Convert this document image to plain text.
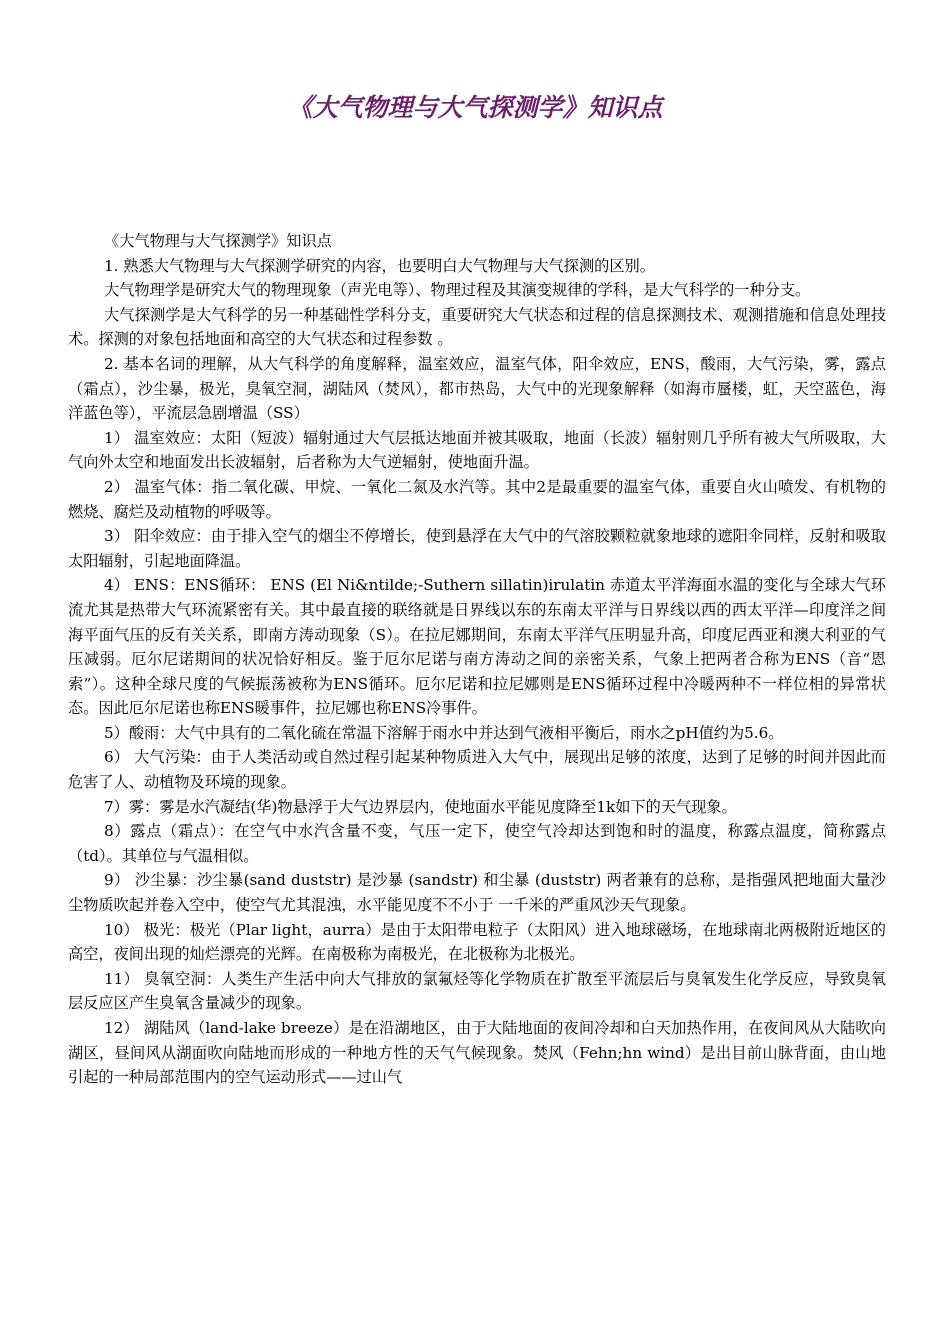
《大气物理与大气探测学》知识点

《大气物理与大气探测学》知识点

1. 熟悉大气物理与大气探测学研究的内容，也要明白大气物理与大气探测的区别。

大气物理学是研究大气的物理现象（声光电等）、物理过程及其演变规律的学科，是大气科学的一种分支。

大气探测学是大气科学的另一种基础性学科分支，重要研究大气状态和过程的信息探测技术、观测措施和信息处理技术。探测的对象包括地面和高空的大气状态和过程参数 。

2. 基本名词的理解，从大气科学的角度解释，温室效应，温室气体，阳伞效应，ENS，酸雨，大气污染，雾，露点（霜点），沙尘暴，极光，臭氧空洞，湖陆风（焚风），都市热岛，大气中的光现象解释（如海市蜃楼，虹，天空蓝色，海洋蓝色等），平流层急剧增温（SS）

1） 温室效应：太阳（短波）辐射通过大气层抵达地面并被其吸取，地面（长波）辐射则几乎所有被大气所吸取，大气向外太空和地面发出长波辐射，后者称为大气逆辐射，使地面升温。

2） 温室气体：指二氧化碳、甲烷、一氧化二氮及水汽等。其中2是最重要的温室气体，重要自火山喷发、有机物的燃烧、腐烂及动植物的呼吸等。

3） 阳伞效应：由于排入空气的烟尘不停增长，使到悬浮在大气中的气溶胶颗粒就象地球的遮阳伞同样，反射和吸取太阳辐射，引起地面降温。

4） ENS：ENS循环： ENS (El Ni&ntilde;-Suthern sillatin)irulatin 赤道太平洋海面水温的变化与全球大气环流尤其是热带大气环流紧密有关。其中最直接的联络就是日界线以东的东南太平洋与日界线以西的西太平洋—印度洋之间海平面气压的反有关关系，即南方涛动现象（S）。在拉尼娜期间，东南太平洋气压明显升高，印度尼西亚和澳大利亚的气压减弱。厄尔尼诺期间的状况恰好相反。鉴于厄尔尼诺与南方涛动之间的亲密关系，气象上把两者合称为ENS（音“恩索”）。这种全球尺度的气候振荡被称为ENS循环。厄尔尼诺和拉尼娜则是ENS循环过程中冷暖两种不一样位相的异常状态。因此厄尔尼诺也称ENS暖事件，拉尼娜也称ENS冷事件。

5）酸雨：大气中具有的二氧化硫在常温下溶解于雨水中并达到气液相平衡后，雨水之pH值约为5.6。

6） 大气污染：由于人类活动或自然过程引起某种物质进入大气中，展现出足够的浓度，达到了足够的时间并因此而危害了人、动植物及环境的现象。

7）雾：雾是水汽凝结(华)物悬浮于大气边界层内，使地面水平能见度降至1k如下的天气现象。

8）露点（霜点）：在空气中水汽含量不变，气压一定下，使空气冷却达到饱和时的温度，称露点温度，简称露点（td）。其单位与气温相似。

9） 沙尘暴：沙尘暴(sand duststr) 是沙暴 (sandstr) 和尘暴 (duststr) 两者兼有的总称，是指强风把地面大量沙尘物质吹起并卷入空中，使空气尤其混浊，水平能见度不不小于 一千米的严重风沙天气现象。

10） 极光：极光（Plar light，aurra）是由于太阳带电粒子（太阳风）进入地球磁场，在地球南北两极附近地区的高空，夜间出现的灿烂漂亮的光辉。在南极称为南极光，在北极称为北极光。

11） 臭氧空洞：人类生产生活中向大气排放的氯氟烃等化学物质在扩散至平流层后与臭氧发生化学反应，导致臭氧层反应区产生臭氧含量减少的现象。

12） 湖陆风（land-lake breeze）是在沿湖地区，由于大陆地面的夜间冷却和白天加热作用，在夜间风从大陆吹向湖区，昼间风从湖面吹向陆地而形成的一种地方性的天气气候现象。焚风（Fehn;hn wind）是出目前山脉背面，由山地引起的一种局部范围内的空气运动形式——过山气
